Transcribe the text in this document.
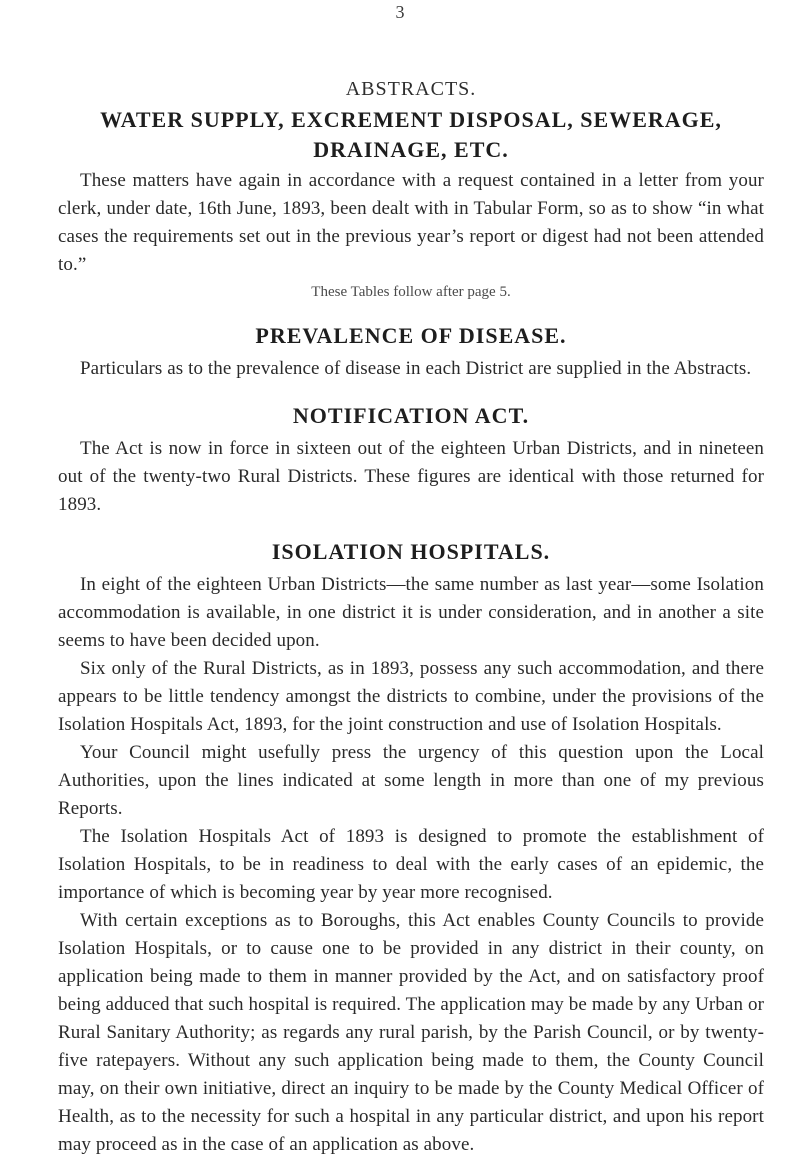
3
ABSTRACTS.
WATER SUPPLY, EXCREMENT DISPOSAL, SEWERAGE, DRAINAGE, ETC.

These matters have again in accordance with a request contained in a letter from your clerk, under date, 16th June, 1893, been dealt with in Tabular Form, so as to show “in what cases the requirements set out in the previous year’s report or digest had not been attended to.”

These Tables follow after page 5.
PREVALENCE OF DISEASE.

Particulars as to the prevalence of disease in each District are supplied in the Abstracts.

NOTIFICATION ACT.

The Act is now in force in sixteen out of the eighteen Urban Districts, and in nineteen out of the twenty-two Rural Districts. These figures are identical with those returned for 1893.

ISOLATION HOSPITALS.

In eight of the eighteen Urban Districts—the same number as last year—some Isolation accommodation is available, in one district it is under consideration, and in another a site seems to have been decided upon.

Six only of the Rural Districts, as in 1893, possess any such accommodation, and there appears to be little tendency amongst the districts to combine, under the provisions of the Isolation Hospitals Act, 1893, for the joint construction and use of Isolation Hospitals.

Your Council might usefully press the urgency of this question upon the Local Authorities, upon the lines indicated at some length in more than one of my previous Reports.

The Isolation Hospitals Act of 1893 is designed to promote the establishment of Isolation Hospitals, to be in readiness to deal with the early cases of an epidemic, the importance of which is becoming year by year more recognised.

With certain exceptions as to Boroughs, this Act enables County Councils to provide Isolation Hospitals, or to cause one to be provided in any district in their county, on application being made to them in manner provided by the Act, and on satisfactory proof being adduced that such hospital is required. The application may be made by any Urban or Rural Sanitary Authority; as regards any rural parish, by the Parish Council, or by twenty-five ratepayers. Without any such application being made to them, the County Council may, on their own initiative, direct an inquiry to be made by the County Medical Officer of Health, as to the necessity for such a hospital in any particular district, and upon his report may proceed as in the case of an application as above.
